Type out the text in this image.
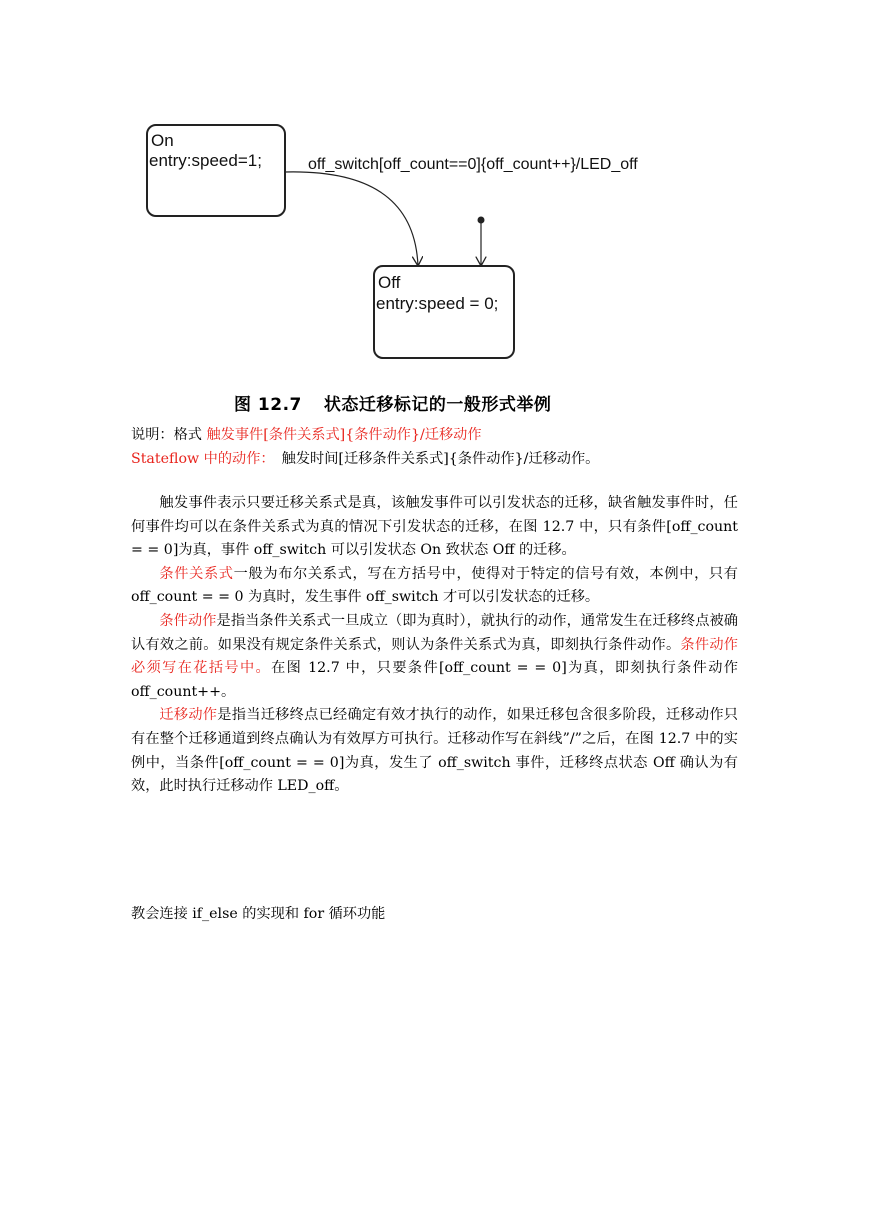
On
entry:speed=1;
Off
entry:speed = 0;
off_switch[off_count==0]{off_count++}/LED_off
图 12.7 状态迁移标记的一般形式举例
说明：格式 触发事件[条件关系式]{条件动作}/迁移动作
Stateflow 中的动作：　触发时间[迁移条件关系式]{条件动作}/迁移动作。

触发事件表示只要迁移关系式是真，该触发事件可以引发状态的迁移，缺省触发事件时，任何事件均可以在条件关系式为真的情况下引发状态的迁移，在图 12.7 中，只有条件[off_count = = 0]为真，事件 off_switch 可以引发状态 On 致状态 Off 的迁移。

条件关系式一般为布尔关系式，写在方括号中，使得对于特定的信号有效，本例中，只有 off_count = = 0 为真时，发生事件 off_switch 才可以引发状态的迁移。

条件动作是指当条件关系式一旦成立（即为真时），就执行的动作，通常发生在迁移终点被确认有效之前。如果没有规定条件关系式，则认为条件关系式为真，即刻执行条件动作。条件动作必须写在花括号中。在图 12.7 中，只要条件[off_count = = 0]为真，即刻执行条件动作 off_count++。

迁移动作是指当迁移终点已经确定有效才执行的动作，如果迁移包含很多阶段，迁移动作只有在整个迁移通道到终点确认为有效厚方可执行。迁移动作写在斜线”/”之后，在图 12.7 中的实例中，当条件[off_count = = 0]为真，发生了 off_switch 事件，迁移终点状态 Off 确认为有效，此时执行迁移动作 LED_off。

教会连接 if_else 的实现和 for 循环功能
